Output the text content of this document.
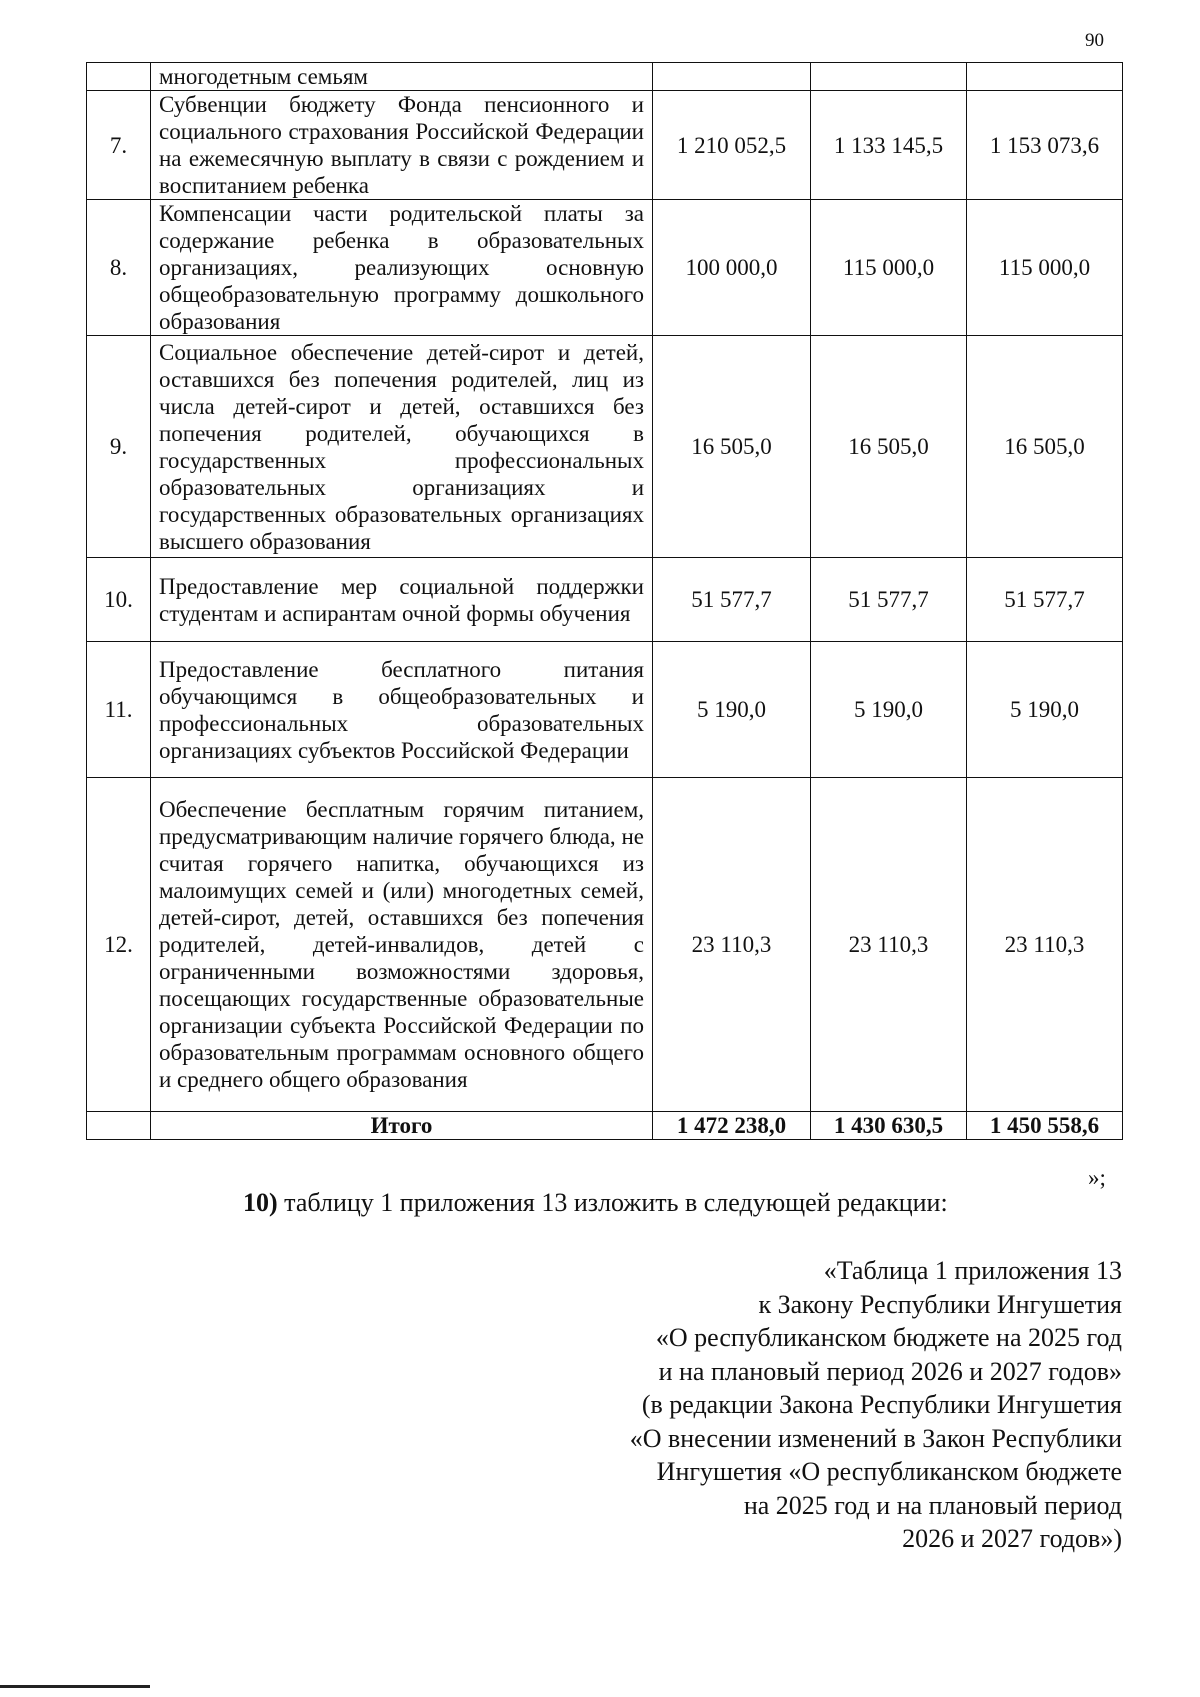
90
	многодетным семьям			
7.	Субвенции бюджету Фонда пенсионного и социального страхования Российской Федерации на ежемесячную выплату в связи с рождением и воспитанием ребенка	1 210 052,5	1 133 145,5	1 153 073,6
8.	Компенсации части родительской платы за содержание ребенка в образовательных организациях, реализующих основную общеобразовательную программу дошкольного образования	100 000,0	115 000,0	115 000,0
9.	Социальное обеспечение детей-сирот и детей, оставшихся без попечения родителей, лиц из числа детей-сирот и детей, оставшихся без попечения родителей, обучающихся в государственных профессиональных образовательных организациях и государственных образовательных организациях высшего образования	16 505,0	16 505,0	16 505,0
10.	Предоставление мер социальной поддержки студентам и аспирантам очной формы обучения	51 577,7	51 577,7	51 577,7
11.	Предоставление бесплатного питания обучающимся в общеобразовательных и профессиональных образовательных организациях субъектов Российской Федерации	5 190,0	5 190,0	5 190,0
12.	Обеспечение бесплатным горячим питанием, предусматривающим наличие горячего блюда, не считая горячего напитка, обучающихся из малоимущих семей и (или) многодетных семей, детей-сирот, детей, оставшихся без попечения родителей, детей-инвалидов, детей с ограниченными возможностями здоровья, посещающих государственные образовательные организации субъекта Российской Федерации по образовательным программам основного общего и среднего общего образования	23 110,3	23 110,3	23 110,3
	Итого	1 472 238,0	1 430 630,5	1 450 558,6
»;
10) таблицу 1 приложения 13 изложить в следующей редакции:
«Таблица 1 приложения 13
к Закону Республики Ингушетия
«О республиканском бюджете на 2025 год
и на плановый период 2026 и 2027 годов»
(в редакции Закона Республики Ингушетия
«О внесении изменений в Закон Республики
Ингушетия «О республиканском бюджете
на 2025 год и на плановый период
2026 и 2027 годов»)
